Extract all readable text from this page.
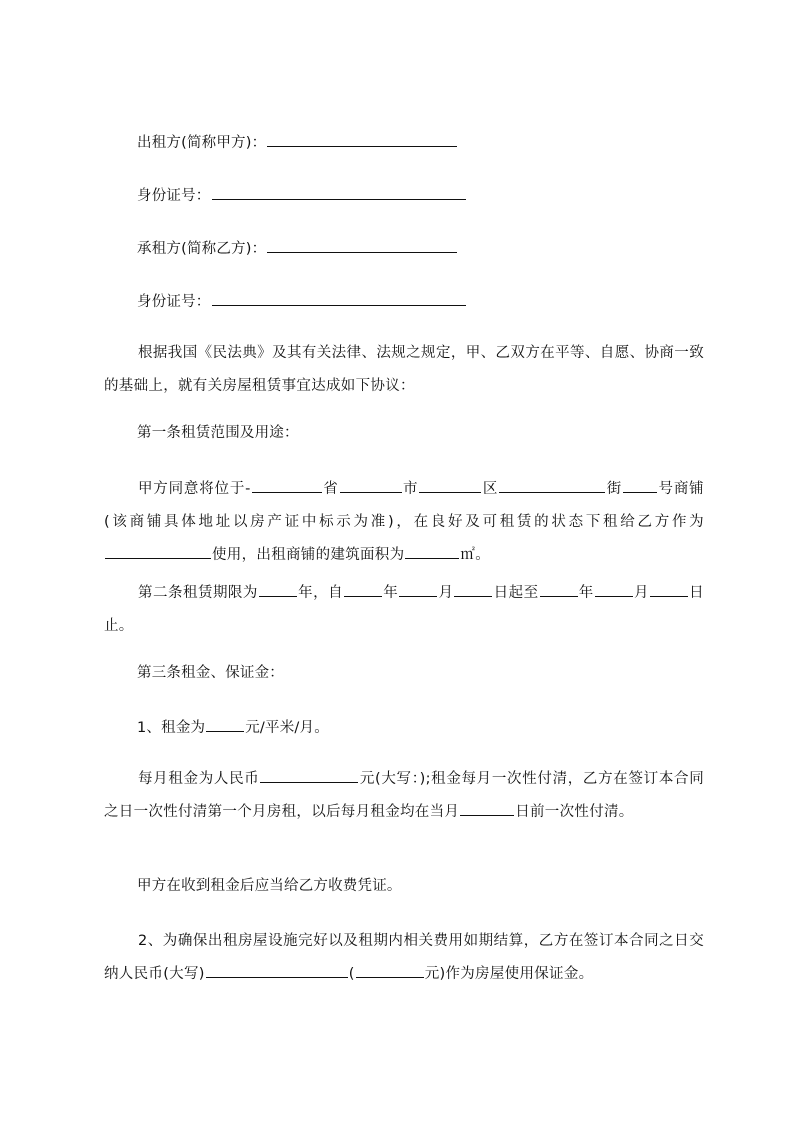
出租方(简称甲方)：
身份证号：
承租方(简称乙方)：
身份证号：
根据我国《民法典》及其有关法律、法规之规定，甲、乙双方在平等、自愿、协商一致的基础上，就有关房屋租赁事宜达成如下协议：
第一条租赁范围及用途：
甲方同意将位于-	省	市	区	街 号商铺(该商铺具体地址以房产证中标示为准)，在良好及可租赁的状态下租给乙方作为使用，出租商铺的建筑面积为	㎡。
第二条租赁期限为	年，自	年	月	日起至	年	月	日止。
第三条租金、保证金：
1、租金为	元/平米/月。
每月租金为人民币	元(大写：);租金每月一次性付清，乙方在签订本合同之日一次性付清第一个月房租，以后每月租金均在当月	日前一次性付清。
甲方在收到租金后应当给乙方收费凭证。
2、为确保出租房屋设施完好以及租期内相关费用如期结算，乙方在签订本合同之日交纳人民币(大写)	(	元)作为房屋使用保证金。
